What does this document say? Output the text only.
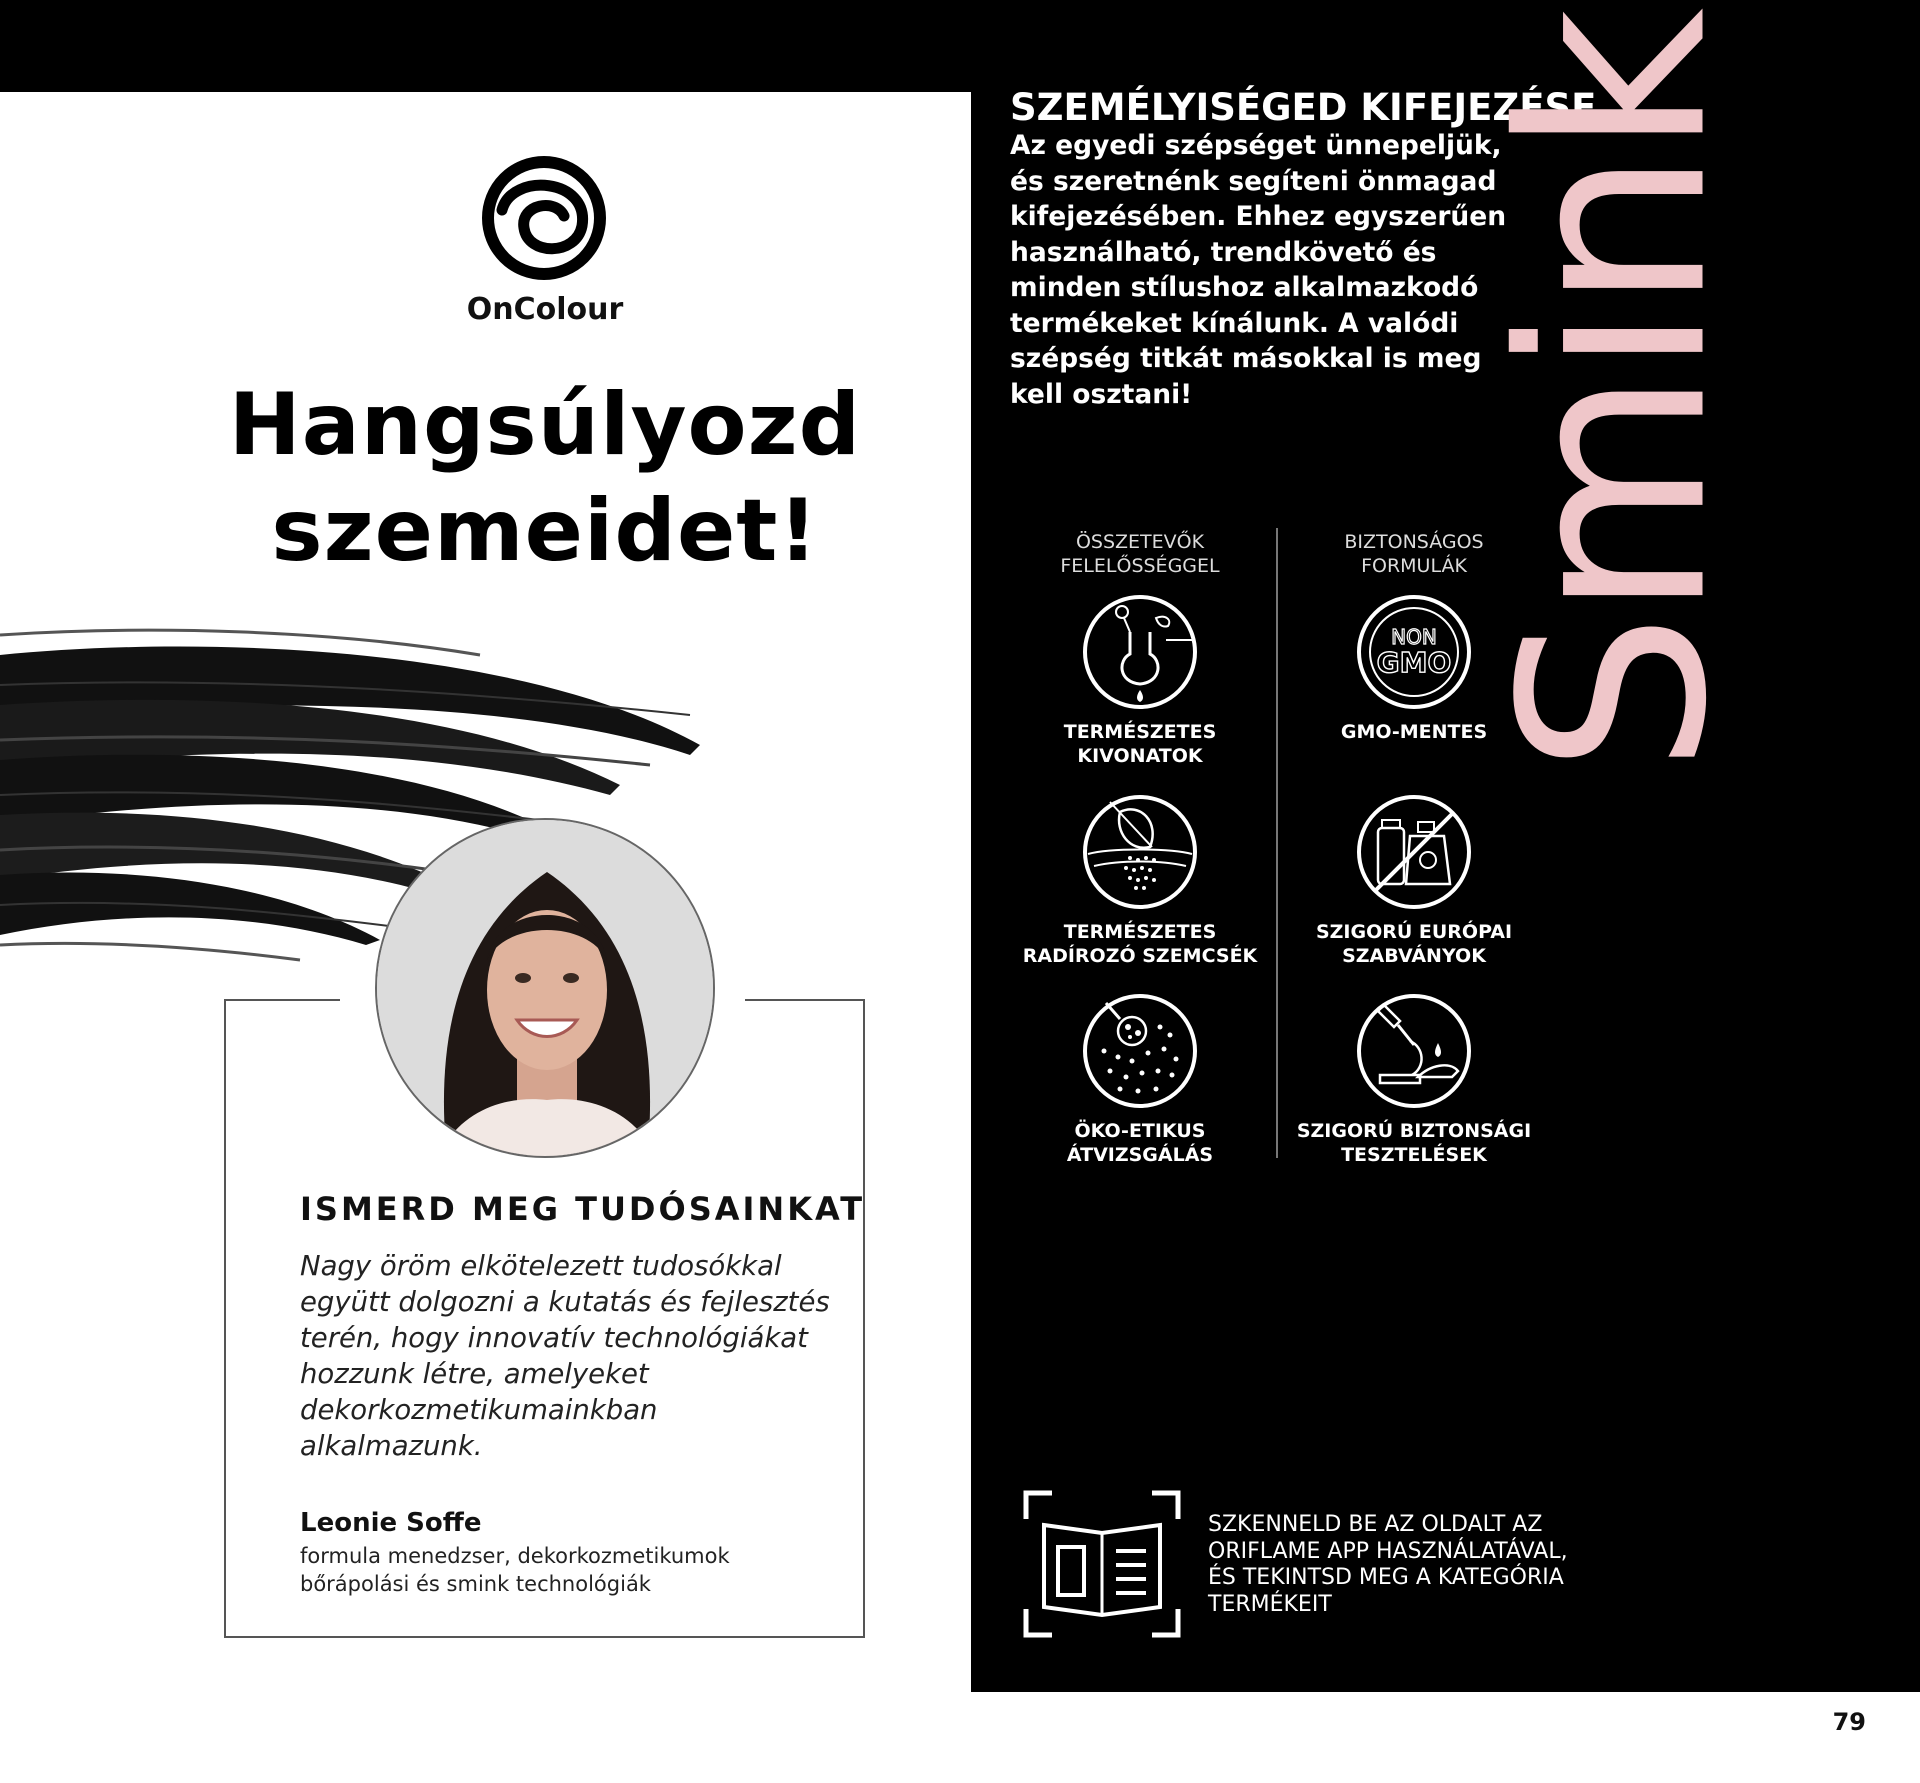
OnColour
Hangsúlyozd szemeidet!
ISMERD MEG TUDÓSAINKAT
Nagy öröm elkötelezett tudosókkal együtt dolgozni a kutatás és fejlesztés terén, hogy innovatív technológiákat hozzunk létre, amelyeket dekorkozmetikumainkban alkalmazunk.
Leonie Soffe
formula menedzser, dekorkozmetikumok bőrápolási és smink technológiák
SZEMÉLYISÉGED KIFEJEZÉSE
Az egyedi szépséget ünnepeljük, és szeretnénk segíteni önmagad kifejezésében. Ehhez egyszerűen használható, trendkövető és minden stílushoz alkalmazkodó termékeket kínálunk. A valódi szépség titkát másokkal is meg kell osztani!	Smink
ÖSSZETEVŐK FELELŐSSÉGGEL
BIZTONSÁGOS FORMULÁK
TERMÉSZETES KIVONATOK
NON
GMO
GMO-MENTES
TERMÉSZETES RADÍROZÓ SZEMCSÉK
SZIGORÚ EURÓPAI SZABVÁNYOK
ÖKO-ETIKUS ÁTVIZSGÁLÁS
SZIGORÚ BIZTONSÁGI TESZTELÉSEK
SZKENNELD BE AZ OLDALT AZ ORIFLAME APP HASZNÁLATÁVAL, ÉS TEKINTSD MEG A KATEGÓRIA TERMÉKEIT
79
